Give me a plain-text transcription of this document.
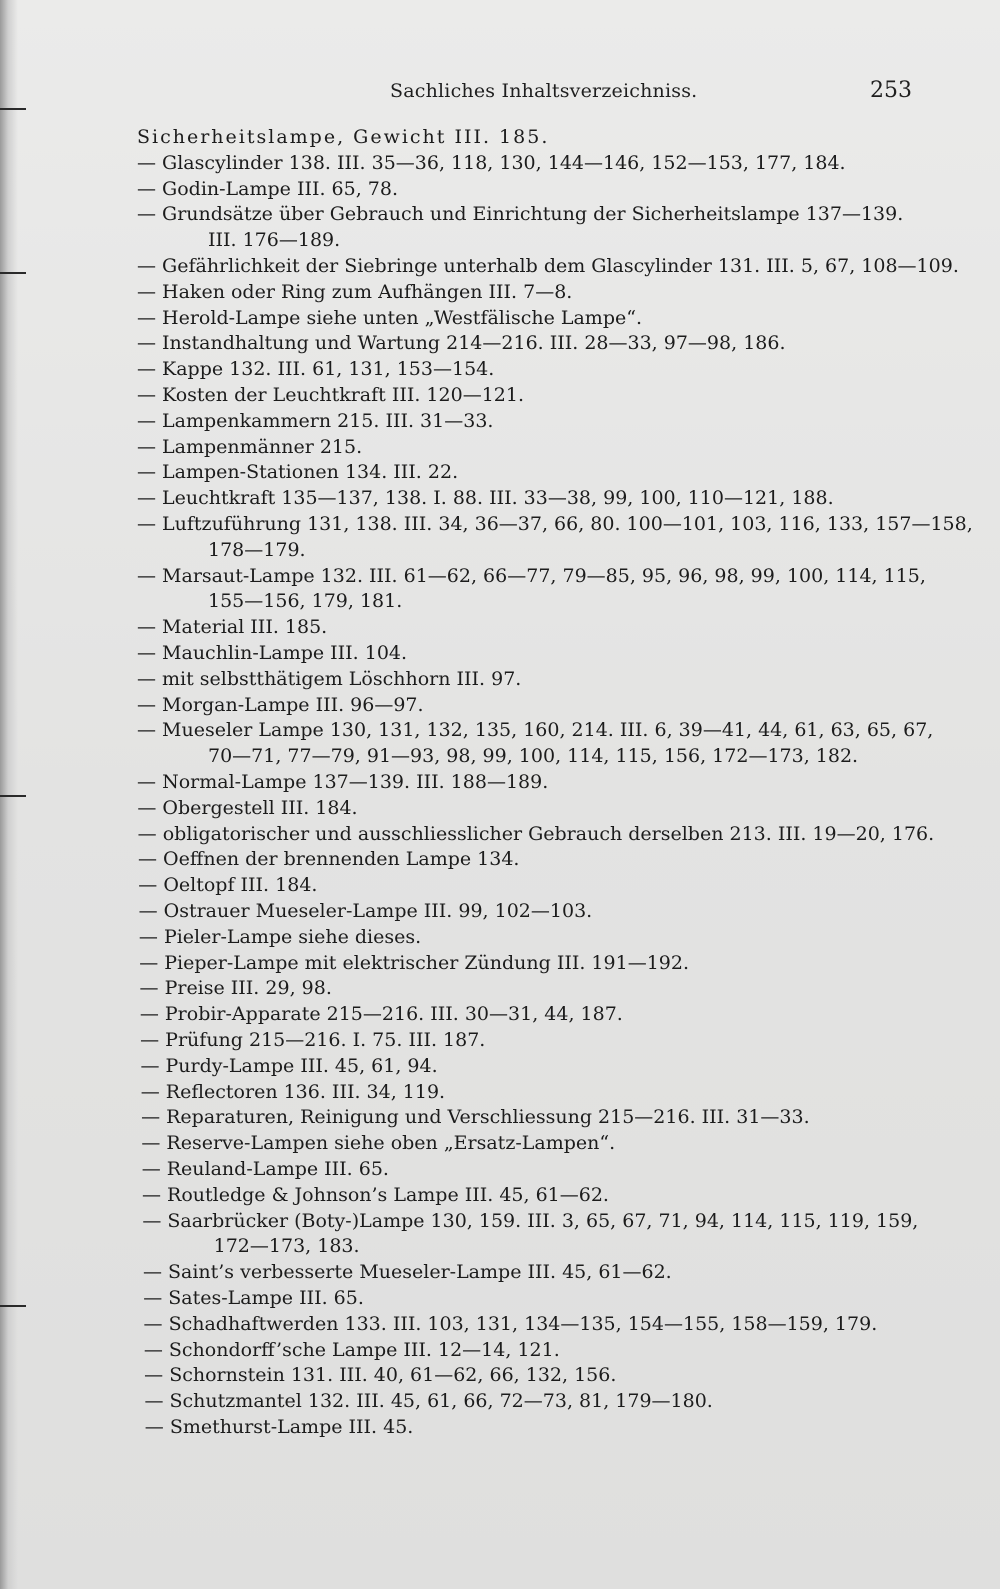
Sachliches Inhaltsverzeichniss.	253
Sicherheitslampe, Gewicht III. 185.
— Glascylinder 138. III. 35—36, 118, 130, 144—146, 152—153, 177, 184.
— Godin-Lampe III. 65, 78.
— Grundsätze über Gebrauch und Einrichtung der Sicherheitslampe 137—139.
III. 176—189.
— Gefährlichkeit der Siebringe unterhalb dem Glascylinder 131. III. 5, 67, 108—109.
— Haken oder Ring zum Aufhängen III. 7—8.
— Herold-Lampe siehe unten „Westfälische Lampe“.
— Instandhaltung und Wartung 214—216. III. 28—33, 97—98, 186.
— Kappe 132. III. 61, 131, 153—154.
— Kosten der Leuchtkraft III. 120—121.
— Lampenkammern 215. III. 31—33.
— Lampenmänner 215.
— Lampen-Stationen 134. III. 22.
— Leuchtkraft 135—137, 138. I. 88. III. 33—38, 99, 100, 110—121, 188.
— Luftzuführung 131, 138. III. 34, 36—37, 66, 80. 100—101, 103, 116, 133, 157—158,
178—179.
— Marsaut-Lampe 132. III. 61—62, 66—77, 79—85, 95, 96, 98, 99, 100, 114, 115,
155—156, 179, 181.
— Material III. 185.
— Mauchlin-Lampe III. 104.
— mit selbstthätigem Löschhorn III. 97.
— Morgan-Lampe III. 96—97.
— Mueseler Lampe 130, 131, 132, 135, 160, 214. III. 6, 39—41, 44, 61, 63, 65, 67,
70—71, 77—79, 91—93, 98, 99, 100, 114, 115, 156, 172—173, 182.
— Normal-Lampe 137—139. III. 188—189.
— Obergestell III. 184.
— obligatorischer und ausschliesslicher Gebrauch derselben 213. III. 19—20, 176.
— Oeffnen der brennenden Lampe 134.
— Oeltopf III. 184.
— Ostrauer Mueseler-Lampe III. 99, 102—103.
— Pieler-Lampe siehe dieses.
— Pieper-Lampe mit elektrischer Zündung III. 191—192.
— Preise III. 29, 98.
— Probir-Apparate 215—216. III. 30—31, 44, 187.
— Prüfung 215—216. I. 75. III. 187.
— Purdy-Lampe III. 45, 61, 94.
— Reflectoren 136. III. 34, 119.
— Reparaturen, Reinigung und Verschliessung 215—216. III. 31—33.
— Reserve-Lampen siehe oben „Ersatz-Lampen“.
— Reuland-Lampe III. 65.
— Routledge & Johnson’s Lampe III. 45, 61—62.
— Saarbrücker (Boty-)Lampe 130, 159. III. 3, 65, 67, 71, 94, 114, 115, 119, 159,
172—173, 183.
— Saint’s verbesserte Mueseler-Lampe III. 45, 61—62.
— Sates-Lampe III. 65.
— Schadhaftwerden 133. III. 103, 131, 134—135, 154—155, 158—159, 179.
— Schondorff’sche Lampe III. 12—14, 121.
— Schornstein 131. III. 40, 61—62, 66, 132, 156.
— Schutzmantel 132. III. 45, 61, 66, 72—73, 81, 179—180.
— Smethurst-Lampe III. 45.
